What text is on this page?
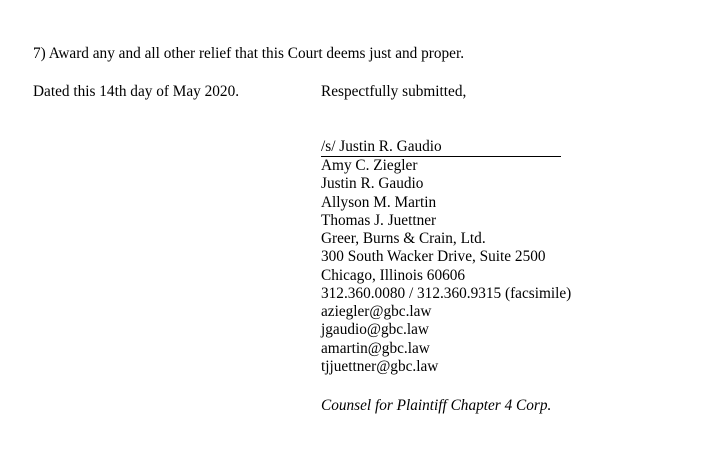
7) Award any and all other relief that this Court deems just and proper.
Dated this 14th day of May 2020.	Respectfully submitted,
/s/ Justin R. Gaudio
Amy C. Ziegler
Justin R. Gaudio
Allyson M. Martin
Thomas J. Juettner
Greer, Burns & Crain, Ltd.
300 South Wacker Drive, Suite 2500
Chicago, Illinois 60606
312.360.0080 / 312.360.9315 (facsimile)
aziegler@gbc.law
jgaudio@gbc.law
amartin@gbc.law
tjjuettner@gbc.law
Counsel for Plaintiff Chapter 4 Corp.
